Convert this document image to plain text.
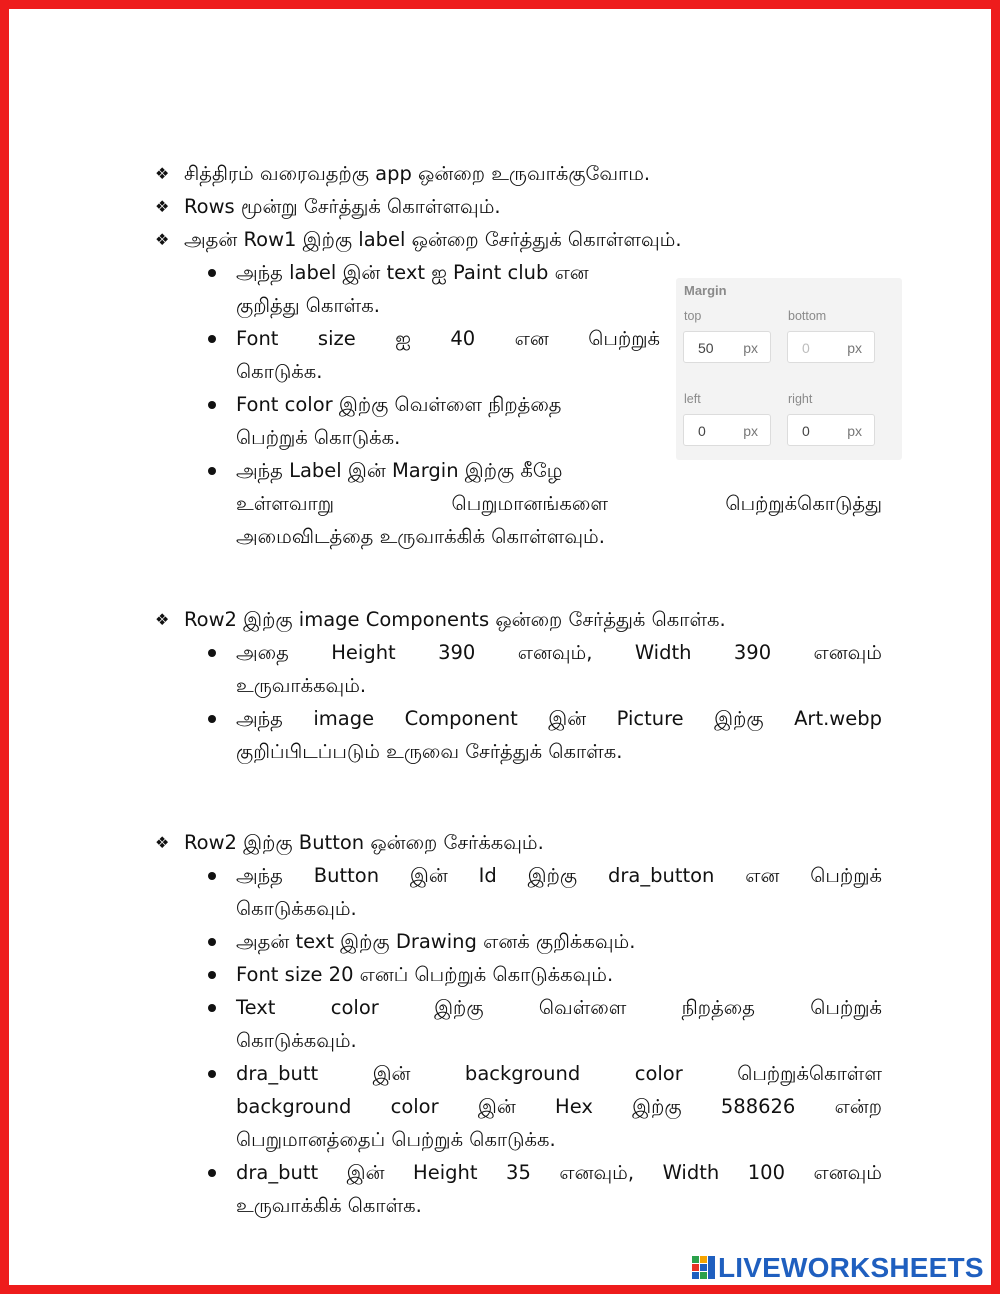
❖ சித்திரம் வரைவதற்கு app ஒன்றை உருவாக்குவோம.
❖ Rows மூன்று சேர்த்துக் கொள்ளவும்.
❖ அதன் Row1 இற்கு label ஒன்றை சேர்த்துக் கொள்ளவும்.
அந்த label இன் text ஐ Paint club என
குறித்து கொள்க.
Font size ஐ 40 என பெற்றுக்
கொடுக்க.
Font color இற்கு வெள்ளை நிறத்தை
பெற்றுக் கொடுக்க.
அந்த Label இன் Margin இற்கு கீழே
உள்ளவாறு பெறுமானங்களை பெற்றுக்கொடுத்து
அமைவிடத்தை உருவாக்கிக் கொள்ளவும்.
Margin
top	bottom
50 px	0	px
left	right
0	px	0	px
❖ Row2 இற்கு image Components ஒன்றை சேர்த்துக் கொள்க.
அதை Height 390 எனவும், Width 390 எனவும்
உருவாக்கவும்.
அந்த image Component இன் Picture இற்கு Art.webp
குறிப்பிடப்படும் உருவை சேர்த்துக் கொள்க.
❖ Row2 இற்கு Button ஒன்றை சேர்க்கவும்.
அந்த Button இன் Id இற்கு dra_button என பெற்றுக்
கொடுக்கவும்.
அதன் text இற்கு Drawing எனக் குறிக்கவும்.
Font size 20 எனப் பெற்றுக் கொடுக்கவும்.
Text color இற்கு வெள்ளை நிறத்தை பெற்றுக்
கொடுக்கவும்.
dra_butt இன் background color பெற்றுக்கொள்ள
background color இன் Hex இற்கு 588626 என்ற
பெறுமானத்தைப் பெற்றுக் கொடுக்க.
dra_butt இன் Height 35 எனவும், Width 100 எனவும்
உருவாக்கிக் கொள்க.
LIVEWORKSHEETS
